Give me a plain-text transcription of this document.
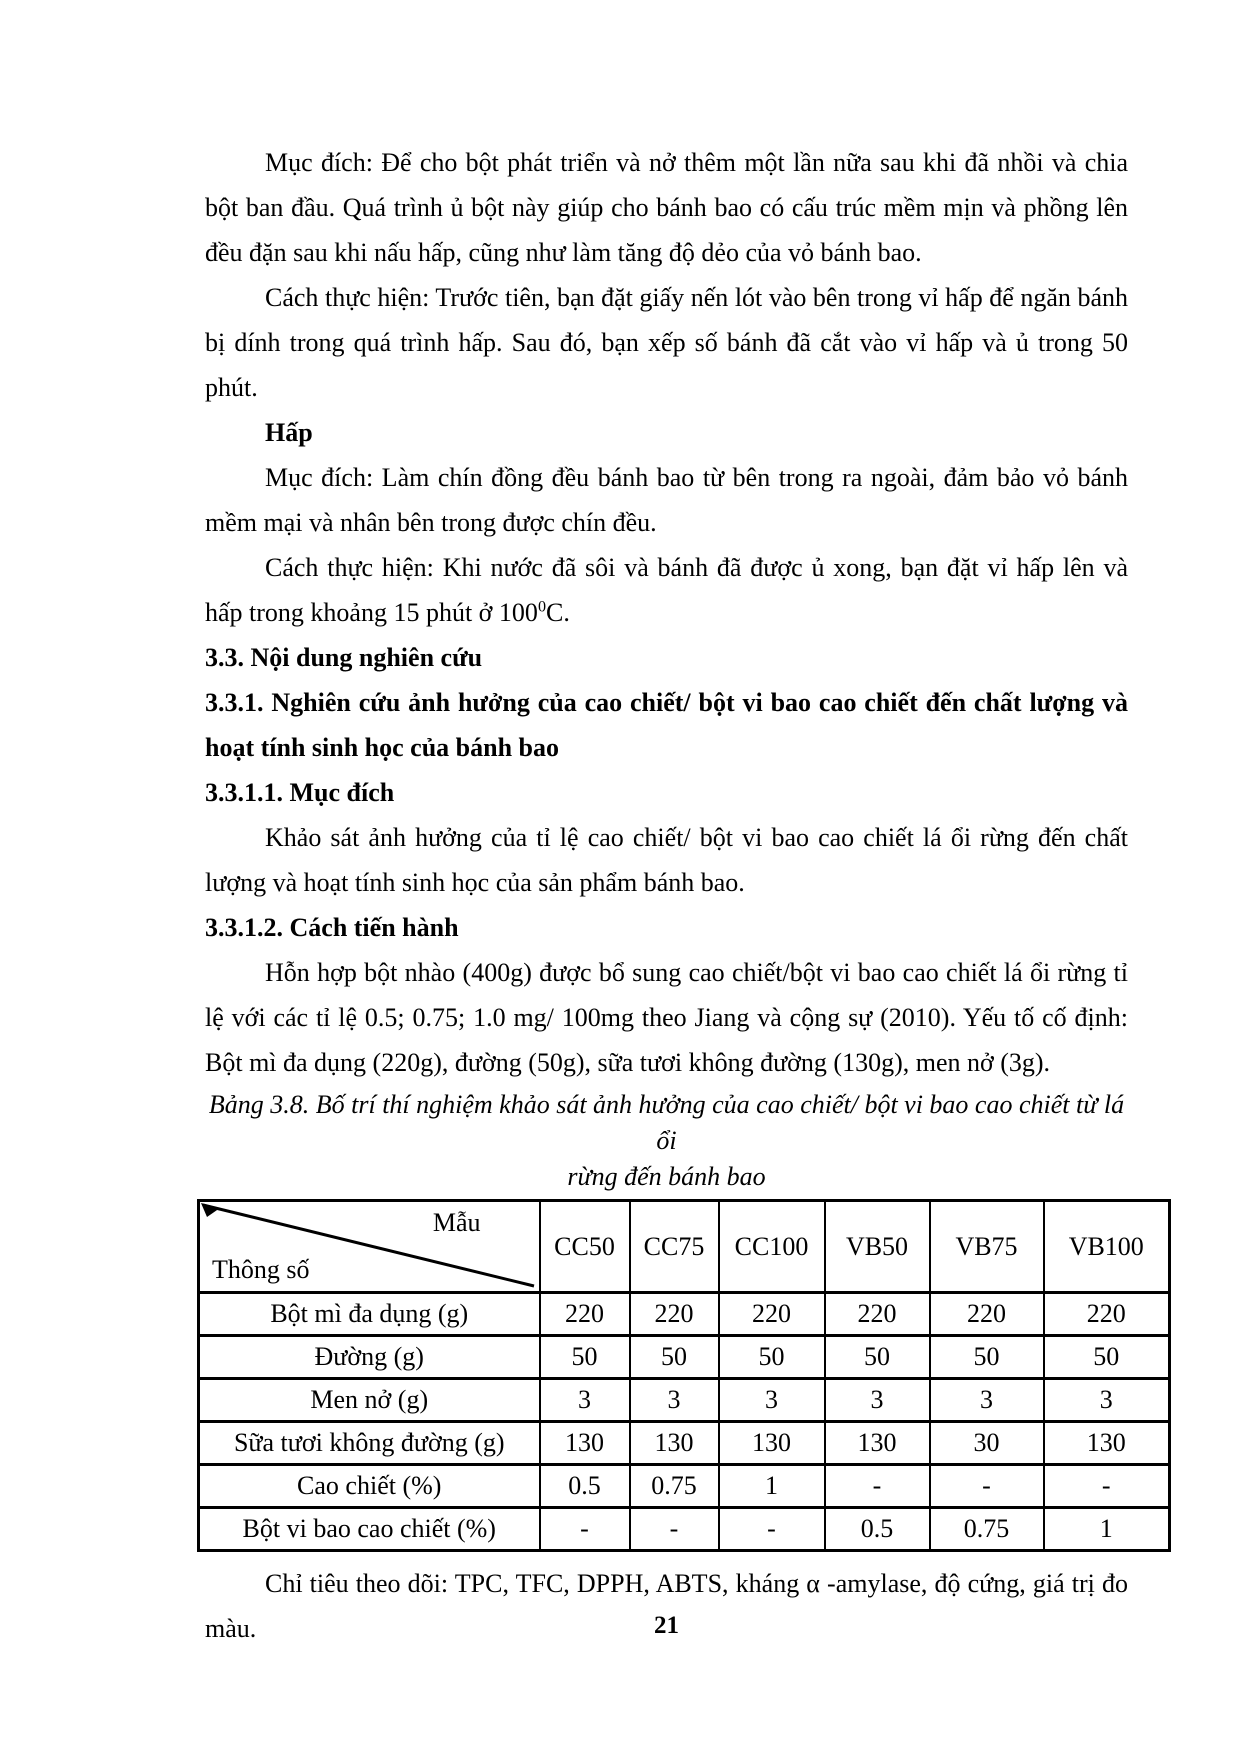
Mục đích: Để cho bột phát triển và nở thêm một lần nữa sau khi đã nhồi và chia bột ban đầu. Quá trình ủ bột này giúp cho bánh bao có cấu trúc mềm mịn và phồng lên đều đặn sau khi nấu hấp, cũng như làm tăng độ dẻo của vỏ bánh bao.

Cách thực hiện: Trước tiên, bạn đặt giấy nến lót vào bên trong vỉ hấp để ngăn bánh bị dính trong quá trình hấp. Sau đó, bạn xếp số bánh đã cắt vào vỉ hấp và ủ trong 50 phút.

Hấp

Mục đích: Làm chín đồng đều bánh bao từ bên trong ra ngoài, đảm bảo vỏ bánh mềm mại và nhân bên trong được chín đều.

Cách thực hiện: Khi nước đã sôi và bánh đã được ủ xong, bạn đặt vỉ hấp lên và hấp trong khoảng 15 phút ở $100^0C$.

3.3. Nội dung nghiên cứu

3.3.1. Nghiên cứu ảnh hưởng của cao chiết/ bột vi bao cao chiết đến chất lượng và hoạt tính sinh học của bánh bao

3.3.1.1. Mục đích

Khảo sát ảnh hưởng của tỉ lệ cao chiết/ bột vi bao cao chiết lá ổi rừng đến chất lượng và hoạt tính sinh học của sản phẩm bánh bao.

3.3.1.2. Cách tiến hành

Hỗn hợp bột nhào (400g) được bổ sung cao chiết/bột vi bao cao chiết lá ổi rừng tỉ lệ với các tỉ lệ 0.5; 0.75; 1.0 mg/ 100mg theo Jiang và cộng sự (2010). Yếu tố cố định: Bột mì đa dụng (220g), đường (50g), sữa tươi không đường (130g), men nở (3g).

Bảng 3.8. Bố trí thí nghiệm khảo sát ảnh hưởng của cao chiết/ bột vi bao cao chiết từ lá ổi
rừng đến bánh bao
Mẫu
Thông số	CC50	CC75	CC100	VB50	VB75	VB100
Bột mì đa dụng (g)	220	220	220	220	220	220
Đường (g)	50	50	50	50	50	50
Men nở (g)	3	3	3	3	3	3
Sữa tươi không đường (g)	130	130	130	130	30	130
Cao chiết (%)	0.5	0.75	1	-	-	-
Bột vi bao cao chiết (%)	-	-	-	0.5	0.75	1

Chỉ tiêu theo dõi: TPC, TFC, DPPH, ABTS, kháng α -amylase, độ cứng, giá trị đo màu.	21
